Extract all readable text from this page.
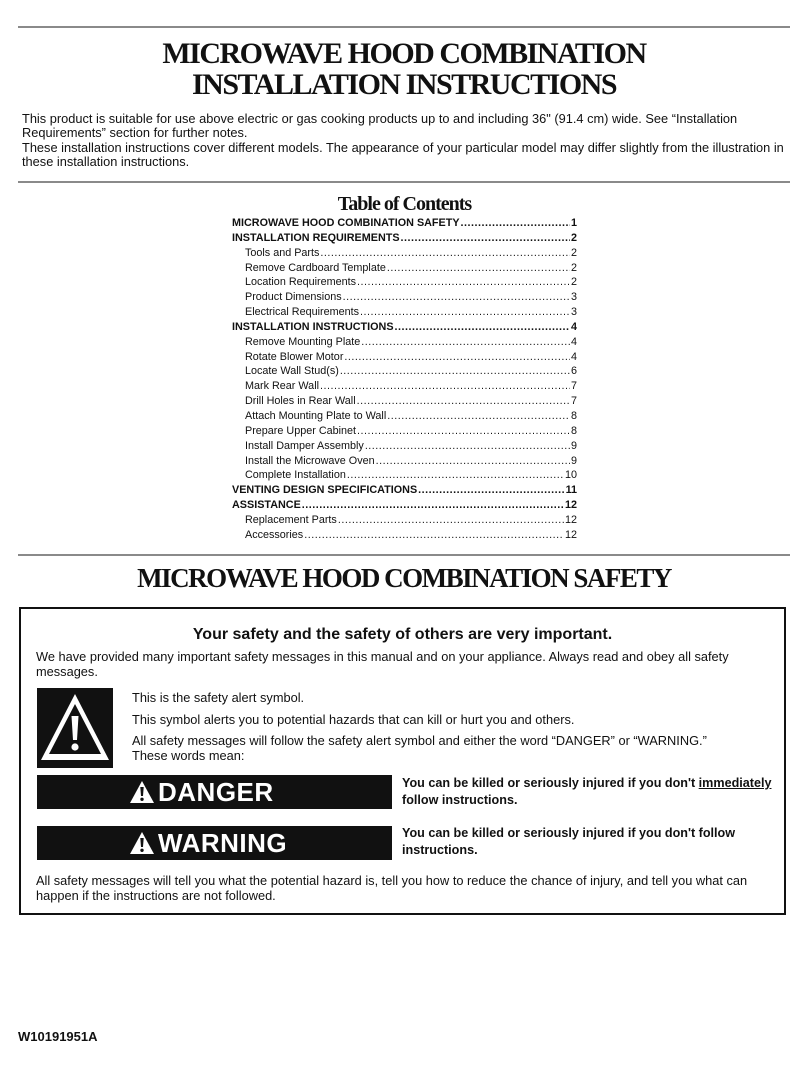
MICROWAVE HOOD COMBINATION
INSTALLATION INSTRUCTIONS
This product is suitable for use above electric or gas cooking products up to and including 36" (91.4 cm) wide. See “Installation Requirements” section for further notes.
These installation instructions cover different models. The appearance of your particular model may differ slightly from the illustration in these installation instructions.
Table of Contents
MICROWAVE HOOD COMBINATION SAFETY .....	1
INSTALLATION REQUIREMENTS .....	2
Tools and Parts .....	2
Remove Cardboard Template .....	2
Location Requirements .....	2
Product Dimensions .....	3
Electrical Requirements .....	3
INSTALLATION INSTRUCTIONS .....	4
Remove Mounting Plate .....	4
Rotate Blower Motor .....	4
Locate Wall Stud(s) .....	6
Mark Rear Wall .....	7
Drill Holes in Rear Wall .....	7
Attach Mounting Plate to Wall .....	8
Prepare Upper Cabinet .....	8
Install Damper Assembly .....	9
Install the Microwave Oven .....	9
Complete Installation .....	10
VENTING DESIGN SPECIFICATIONS .....	11
ASSISTANCE .....	12
Replacement Parts .....	12
Accessories .....	12
MICROWAVE HOOD COMBINATION SAFETY
Your safety and the safety of others are very important.
We have provided many important safety messages in this manual and on your appliance. Always read and obey all safety messages.
This is the safety alert symbol.
This symbol alerts you to potential hazards that can kill or hurt you and others.
All safety messages will follow the safety alert symbol and either the word “DANGER” or “WARNING.”
These words mean:
DANGER	You can be killed or seriously injured if you don't immediately follow instructions.
WARNING	You can be killed or seriously injured if you don't follow instructions.
All safety messages will tell you what the potential hazard is, tell you how to reduce the chance of injury, and tell you what can happen if the instructions are not followed.
W10191951A
